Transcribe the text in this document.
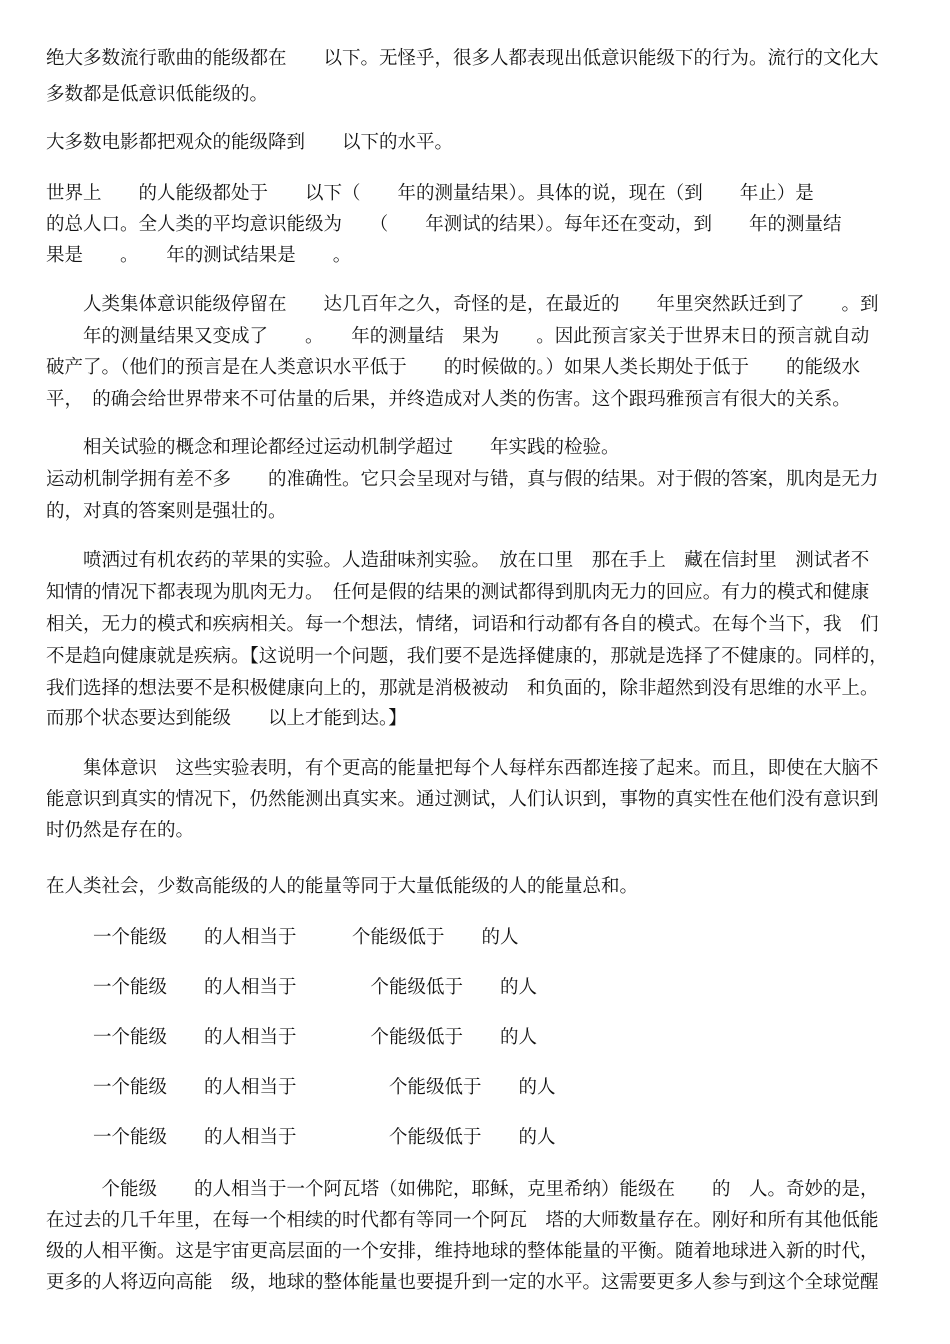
绝大多数流行歌曲的能级都在　　以下。无怪乎，很多人都表现出低意识能级下的行为。流行的文化大
多数都是低意识低能级的。
大多数电影都把观众的能级降到　　以下的水平。
世界上　　的人能级都处于　　以下（　　年的测量结果）。具体的说，现在（到　　年止）是
的总人口。全人类的平均意识能级为　　（　　年测试的结果）。每年还在变动，到　　年的测量结
果是　　。　　年的测试结果是　　。
　　人类集体意识能级停留在　　达几百年之久，奇怪的是，在最近的　　年里突然跃迁到了　　。到
　　年的测量结果又变成了　　。　　年的测量结　果为　　。因此预言家关于世界末日的预言就自动
破产了。（他们的预言是在人类意识水平低于　　的时候做的。）如果人类长期处于低于　　的能级水
平，　的确会给世界带来不可估量的后果，并终造成对人类的伤害。这个跟玛雅预言有很大的关系。
　　相关试验的概念和理论都经过运动机制学超过　　年实践的检验。
运动机制学拥有差不多　　的准确性。它只会呈现对与错，真与假的结果。对于假的答案，肌肉是无力
的，对真的答案则是强壮的。
　　喷洒过有机农药的苹果的实验。人造甜味剂实验。　放在口里　那在手上　藏在信封里　测试者不
知情的情况下都表现为肌肉无力。　任何是假的结果的测试都得到肌肉无力的回应。有力的模式和健康
相关，无力的模式和疾病相关。每一个想法，情绪，词语和行动都有各自的模式。在每个当下，我　们
不是趋向健康就是疾病。【这说明一个问题，我们要不是选择健康的，那就是选择了不健康的。同样的，
我们选择的想法要不是积极健康向上的，那就是消极被动　和负面的，除非超然到没有思维的水平上。
而那个状态要达到能级　　以上才能到达。】
　　集体意识　这些实验表明，有个更高的能量把每个人每样东西都连接了起来。而且，即使在大脑不
能意识到真实的情况下，仍然能测出真实来。通过测试，人们认识到，事物的真实性在他们没有意识到
时仍然是存在的。
在人类社会，少数高能级的人的能量等同于大量低能级的人的能量总和。
　　一个能级　　的人相当于　　　个能级低于　　的人
　　一个能级　　的人相当于　　　　个能级低于　　的人
　　一个能级　　的人相当于　　　　个能级低于　　的人
　　一个能级　　的人相当于　　　　　个能级低于　　的人
　　一个能级　　的人相当于　　　　　个能级低于　　的人
　　　个能级　　的人相当于一个阿瓦塔（如佛陀，耶稣，克里希纳）能级在　　的　人。奇妙的是，
在过去的几千年里，在每一个相续的时代都有等同一个阿瓦　塔的大师数量存在。刚好和所有其他低能
级的人相平衡。这是宇宙更高层面的一个安排，维持地球的整体能量的平衡。随着地球进入新的时代，
更多的人将迈向高能　级，地球的整体能量也要提升到一定的水平。这需要更多人参与到这个全球觉醒
